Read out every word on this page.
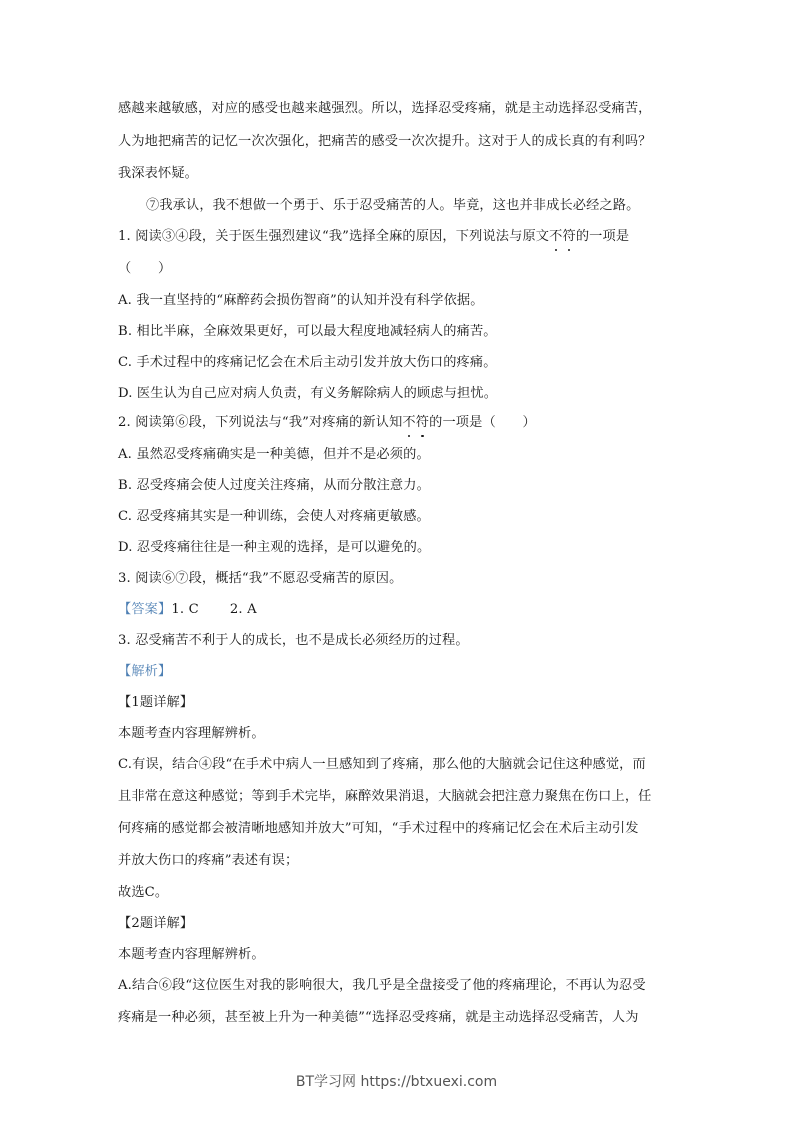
感越来越敏感，对应的感受也越来越强烈。所以，选择忍受疼痛，就是主动选择忍受痛苦，
人为地把痛苦的记忆一次次强化，把痛苦的感受一次次提升。这对于人的成长真的有利吗？
我深表怀疑。
⑦我承认，我不想做一个勇于、乐于忍受痛苦的人。毕竟，这也并非成长必经之路。
1. 阅读③④段，关于医生强烈建议“我”选择全麻的原因，下列说法与原文不符的一项是
（　　）
A. 我一直坚持的“麻醉药会损伤智商”的认知并没有科学依据。
B. 相比半麻，全麻效果更好，可以最大程度地减轻病人的痛苦。
C. 手术过程中的疼痛记忆会在术后主动引发并放大伤口的疼痛。
D. 医生认为自己应对病人负责，有义务解除病人的顾虑与担忧。
2. 阅读第⑥段，下列说法与“我”对疼痛的新认知不符的一项是（　　）
A. 虽然忍受疼痛确实是一种美德，但并不是必须的。
B. 忍受疼痛会使人过度关注疼痛，从而分散注意力。
C. 忍受疼痛其实是一种训练，会使人对疼痛更敏感。
D. 忍受疼痛往往是一种主观的选择，是可以避免的。
3. 阅读⑥⑦段，概括“我”不愿忍受痛苦的原因。
【答案】1. C　　 2. A
3. 忍受痛苦不利于人的成长，也不是成长必须经历的过程。
【解析】
【1题详解】
本题考查内容理解辨析。
C.有误，结合④段“在手术中病人一旦感知到了疼痛，那么他的大脑就会记住这种感觉，而
且非常在意这种感觉；等到手术完毕，麻醉效果消退，大脑就会把注意力聚焦在伤口上，任
何疼痛的感觉都会被清晰地感知并放大”可知，“手术过程中的疼痛记忆会在术后主动引发
并放大伤口的疼痛”表述有误；
故选C。
【2题详解】
本题考查内容理解辨析。
A.结合⑥段“这位医生对我的影响很大，我几乎是全盘接受了他的疼痛理论，不再认为忍受
疼痛是一种必须，甚至被上升为一种美德”“选择忍受疼痛，就是主动选择忍受痛苦，人为
BT学习网 https://btxuexi.com
